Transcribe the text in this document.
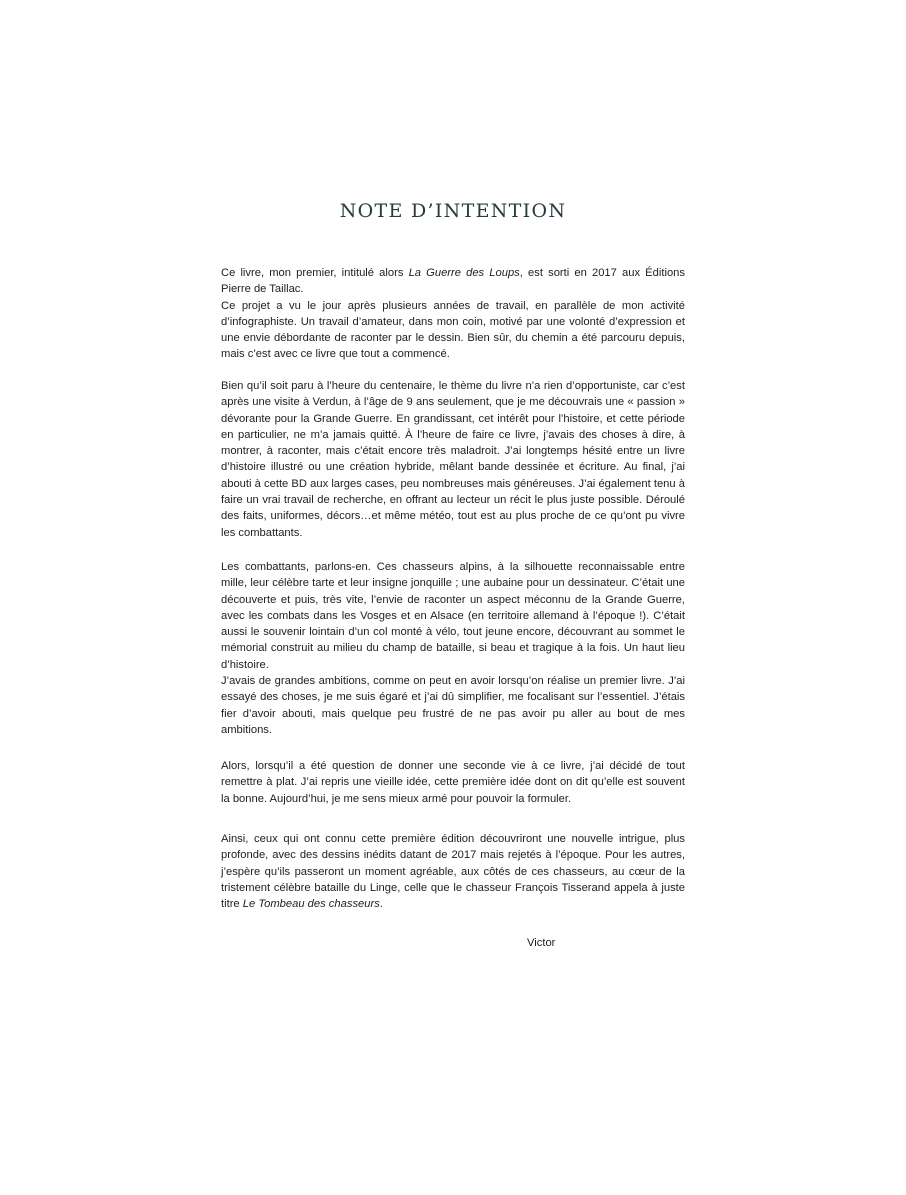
NOTE D’INTENTION

Ce livre, mon premier, intitulé alors La Guerre des Loups, est sorti en 2017 aux Éditions Pierre de Taillac.

Ce projet a vu le jour après plusieurs années de travail, en parallèle de mon activité d’infographiste. Un travail d’amateur, dans mon coin, motivé par une volonté d’expression et une envie débordante de raconter par le dessin. Bien sûr, du chemin a été parcouru depuis, mais c’est avec ce livre que tout a commencé.

Bien qu’il soit paru à l’heure du centenaire, le thème du livre n’a rien d’opportuniste, car c’est après une visite à Verdun, à l’âge de 9 ans seulement, que je me découvrais une « passion » dévorante pour la Grande Guerre. En grandissant, cet intérêt pour l’histoire, et cette période en particulier, ne m’a jamais quitté. À l’heure de faire ce livre, j’avais des choses à dire, à montrer, à raconter, mais c’était encore très maladroit. J’ai longtemps hésité entre un livre d’histoire illustré ou une création hybride, mêlant bande dessinée et écriture. Au final, j’ai abouti à cette BD aux larges cases, peu nombreuses mais généreuses. J’ai également tenu à faire un vrai travail de recherche, en offrant au lecteur un récit le plus juste possible. Déroulé des faits, uniformes, décors…et même météo, tout est au plus proche de ce qu’ont pu vivre les combattants.

Les combattants, parlons-en. Ces chasseurs alpins, à la silhouette reconnaissable entre mille, leur célèbre tarte et leur insigne jonquille ; une aubaine pour un dessinateur. C’était une découverte et puis, très vite, l’envie de raconter un aspect méconnu de la Grande Guerre, avec les combats dans les Vosges et en Alsace (en territoire allemand à l’époque !). C’était aussi le souvenir lointain d’un col monté à vélo, tout jeune encore, découvrant au sommet le mémorial construit au milieu du champ de bataille, si beau et tragique à la fois. Un haut lieu d’histoire.

J’avais de grandes ambitions, comme on peut en avoir lorsqu’on réalise un premier livre. J’ai essayé des choses, je me suis égaré et j’ai dû simplifier, me focalisant sur l’essentiel. J’étais fier d’avoir abouti, mais quelque peu frustré de ne pas avoir pu aller au bout de mes ambitions.

Alors, lorsqu’il a été question de donner une seconde vie à ce livre, j’ai décidé de tout remettre à plat. J’ai repris une vieille idée, cette première idée dont on dit qu’elle est souvent la bonne. Aujourd’hui, je me sens mieux armé pour pouvoir la formuler.

Ainsi, ceux qui ont connu cette première édition découvriront une nouvelle intrigue, plus profonde, avec des dessins inédits datant de 2017 mais rejetés à l’époque. Pour les autres, j’espère qu’ils passeront un moment agréable, aux côtés de ces chasseurs, au cœur de la tristement célèbre bataille du Linge, celle que le chasseur François Tisserand appela à juste titre Le Tombeau des chasseurs.

Victor
